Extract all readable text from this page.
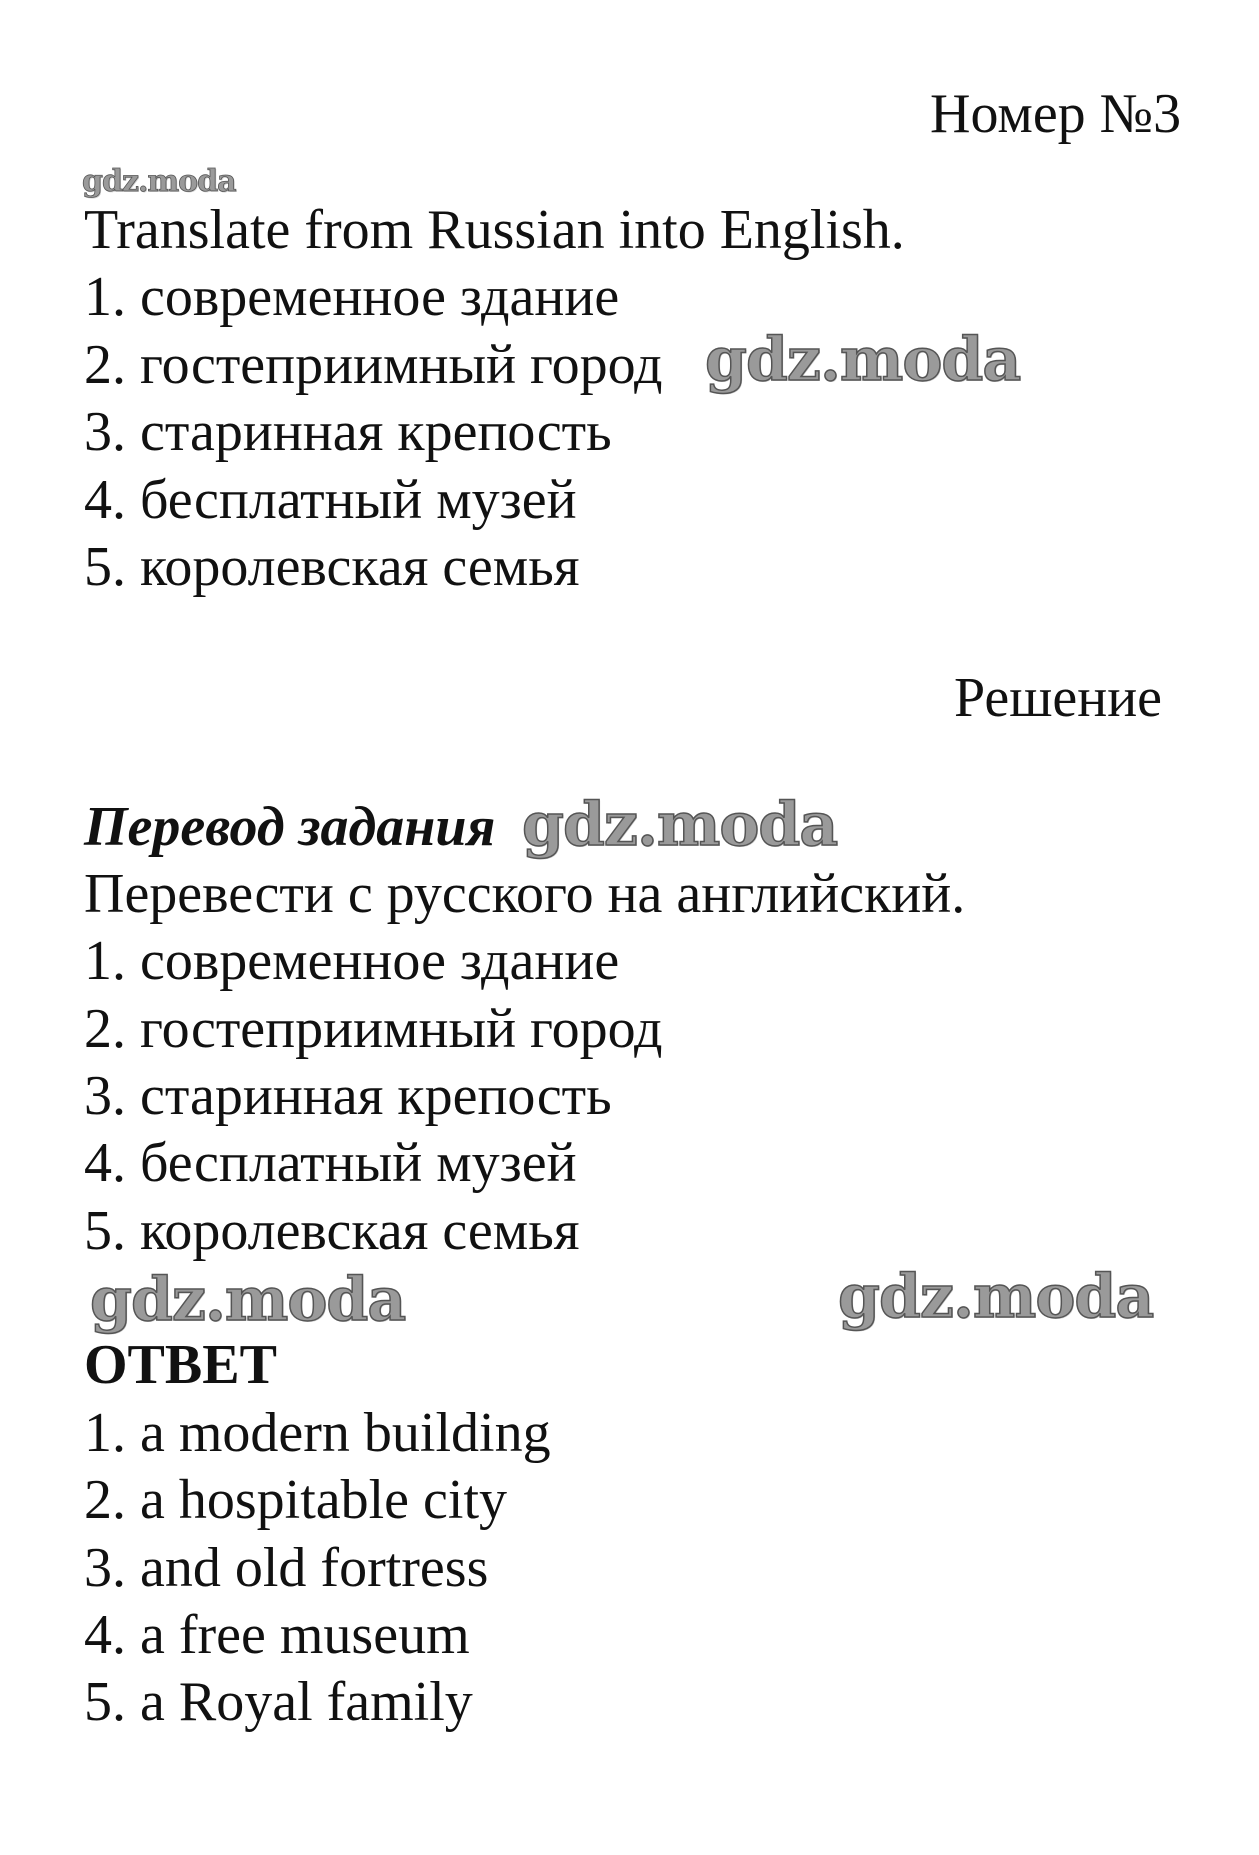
Номер №3
gdz.moda
Translate from Russian into English.
1. современное здание
2. гостеприимный город
3. старинная крепость
4. бесплатный музей
5. королевская семья
gdz.moda
Решение
Перевод задания gdz.moda
Перевести с русского на английский.
1. современное здание
2. гостеприимный город
3. старинная крепость
4. бесплатный музей
5. королевская семья
gdz.moda	gdz.moda
ОТВЕТ
1. a modern building
2. a hospitable city
3. and old fortress
4. a free museum
5. a Royal family
